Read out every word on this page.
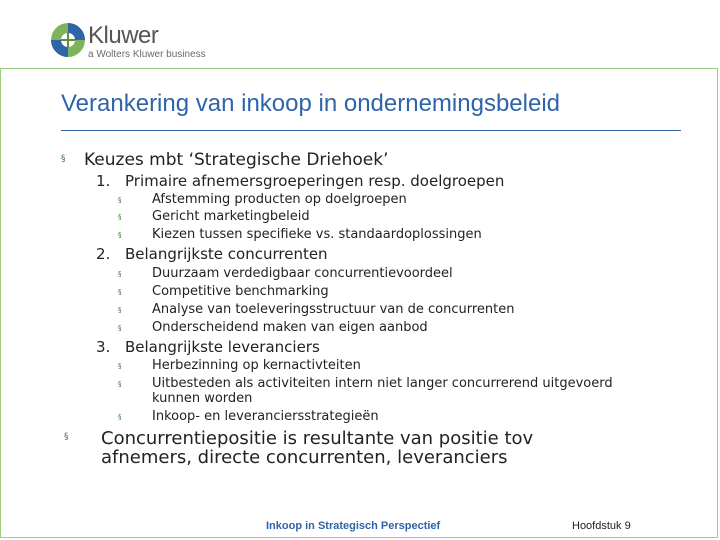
Kluwer
a Wolters Kluwer business
Verankering van inkoop in ondernemingsbeleid
§ Keuzes mbt ‘Strategische Driehoek’
1. Primaire afnemersgroeperingen resp. doelgroepen
§ Afstemming producten op doelgroepen
§ Gericht marketingbeleid
§ Kiezen tussen specifieke vs. standaardoplossingen
2. Belangrijkste concurrenten
§ Duurzaam verdedigbaar concurrentievoordeel
§ Competitive benchmarking
§ Analyse van toeleveringsstructuur van de concurrenten
§ Onderscheidend maken van eigen aanbod
3. Belangrijkste leveranciers
§ Herbezinning op kernactivteiten
§ Uitbesteden als activiteiten intern niet langer concurrerend uitgevoerd kunnen worden
§ Inkoop- en leveranciersstrategieën
§ Concurrentiepositie is resultante van positie tov afnemers, directe concurrenten, leveranciers
Inkoop in Strategisch Perspectief	Hoofdstuk 9
